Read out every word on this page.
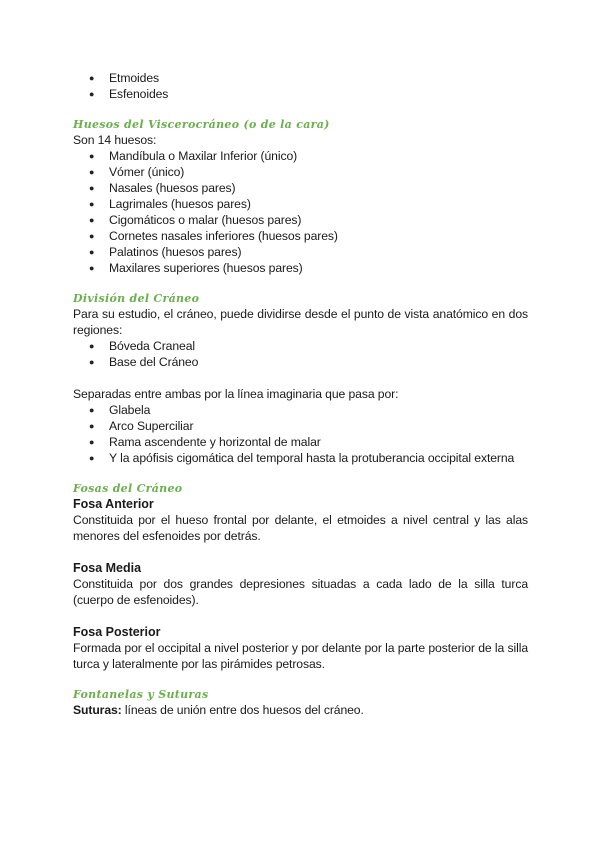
● Etmoides
● Esfenoides
Huesos del Viscerocráneo (o de la cara)

Son 14 huesos:

● Mandíbula o Maxilar Inferior (único)
● Vómer (único)
● Nasales (huesos pares)
● Lagrimales (huesos pares)
● Cigomáticos o malar (huesos pares)
● Cornetes nasales inferiores (huesos pares)
● Palatinos (huesos pares)
● Maxilares superiores (huesos pares)
División del Cráneo

Para su estudio, el cráneo, puede dividirse desde el punto de vista anatómico en dos regiones:

● Bóveda Craneal
● Base del Cráneo

Separadas entre ambas por la línea imaginaria que pasa por:

● Glabela
● Arco Superciliar
● Rama ascendente y horizontal de malar
● Y la apófisis cigomática del temporal hasta la protuberancia occipital externa
Fosas del Cráneo

Fosa Anterior

Constituida por el hueso frontal por delante, el etmoides a nivel central y las alas menores del esfenoides por detrás.

Fosa Media

Constituida por dos grandes depresiones situadas a cada lado de la silla turca (cuerpo de esfenoides).

Fosa Posterior

Formada por el occipital a nivel posterior y por delante por la parte posterior de la silla turca y lateralmente por las pirámides petrosas.

Fontanelas y Suturas

Suturas: líneas de unión entre dos huesos del cráneo.
